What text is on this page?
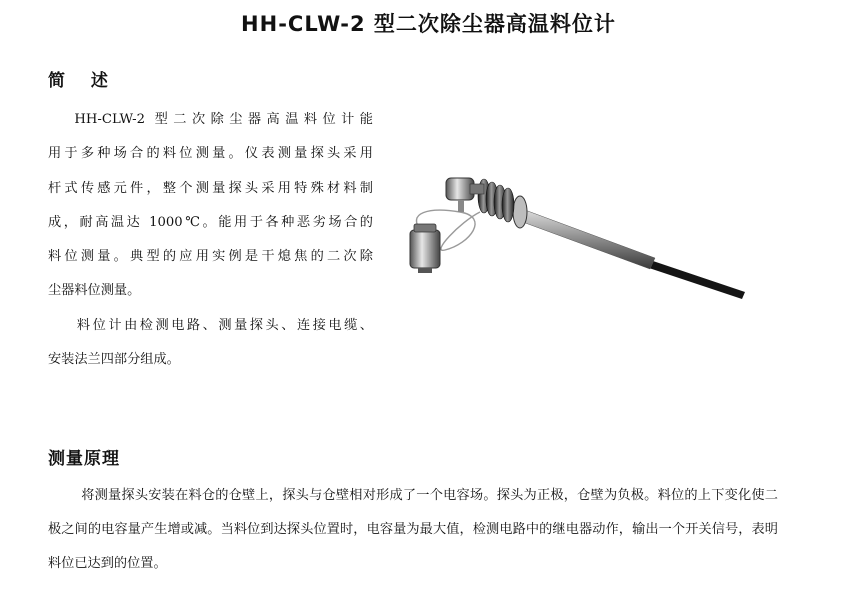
HH-CLW-2 型二次除尘器高温料位计
简 述

HH-CLW-2 型二次除尘器高温料位计能

用于多种场合的料位测量。仪表测量探头采用

杆式传感元件，整个测量探头采用特殊材料制

成，耐高温达 1000℃。能用于各种恶劣场合的

料位测量。典型的应用实例是干熄焦的二次除

尘器料位测量。

料位计由检测电路、测量探头、连接电缆、

安装法兰四部分组成。

测量原理

将测量探头安装在料仓的仓壁上，探头与仓壁相对形成了一个电容场。探头为正极，仓壁为负极。料位的上下变化使二极之间的电容量产生增或减。当料位到达探头位置时，电容量为最大值，检测电路中的继电器动作，输出一个开关信号，表明料位已达到的位置。
